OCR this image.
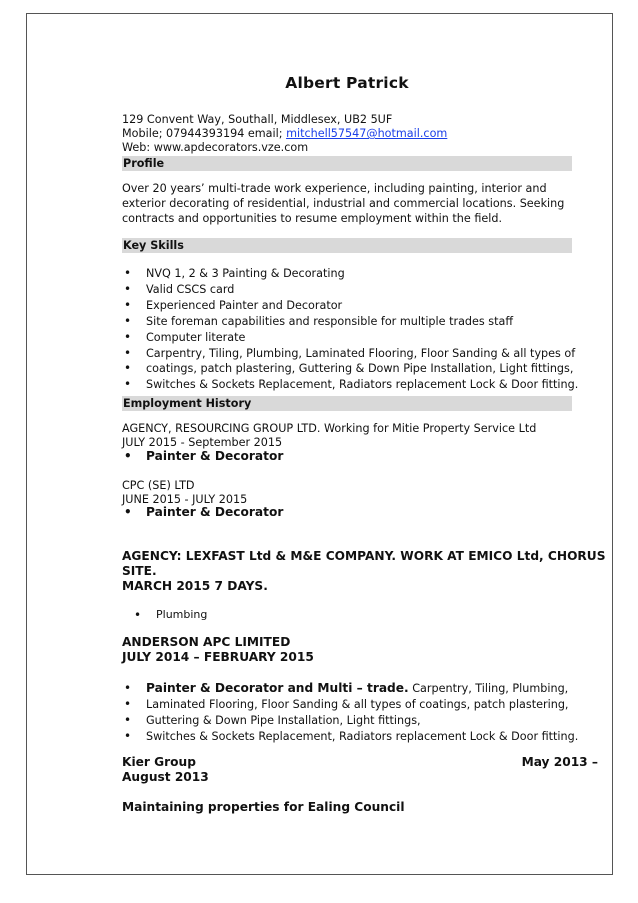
Albert Patrick
129 Convent Way, Southall, Middlesex, UB2 5UF
Mobile; 07944393194 email; mitchell57547@hotmail.com
Web: www.apdecorators.vze.com
Profile
Over 20 years’ multi-trade work experience, including painting, interior and
exterior decorating of residential, industrial and commercial locations. Seeking
contracts and opportunities to resume employment within the field.
Key Skills
• NVQ 1, 2 & 3 Painting & Decorating
• Valid CSCS card
• Experienced Painter and Decorator
• Site foreman capabilities and responsible for multiple trades staff
• Computer literate
• Carpentry, Tiling, Plumbing, Laminated Flooring, Floor Sanding & all types of
• coatings, patch plastering, Guttering & Down Pipe Installation, Light fittings,
• Switches & Sockets Replacement, Radiators replacement Lock & Door fitting.
Employment History
AGENCY, RESOURCING GROUP LTD. Working for Mitie Property Service Ltd
JULY 2015 - September 2015
• Painter & Decorator
CPC (SE) LTD
JUNE 2015 - JULY 2015
• Painter & Decorator
AGENCY: LEXFAST Ltd & M&E COMPANY. WORK AT EMICO Ltd, CHORUS
SITE.
MARCH 2015 7 DAYS.
• Plumbing
ANDERSON APC LIMITED
JULY 2014 – FEBRUARY 2015
• Painter & Decorator and Multi – trade. Carpentry, Tiling, Plumbing,
• Laminated Flooring, Floor Sanding & all types of coatings, patch plastering,
• Guttering & Down Pipe Installation, Light fittings,
• Switches & Sockets Replacement, Radiators replacement Lock & Door fitting.
Kier Group	May 2013 –
August 2013
Maintaining properties for Ealing Council
